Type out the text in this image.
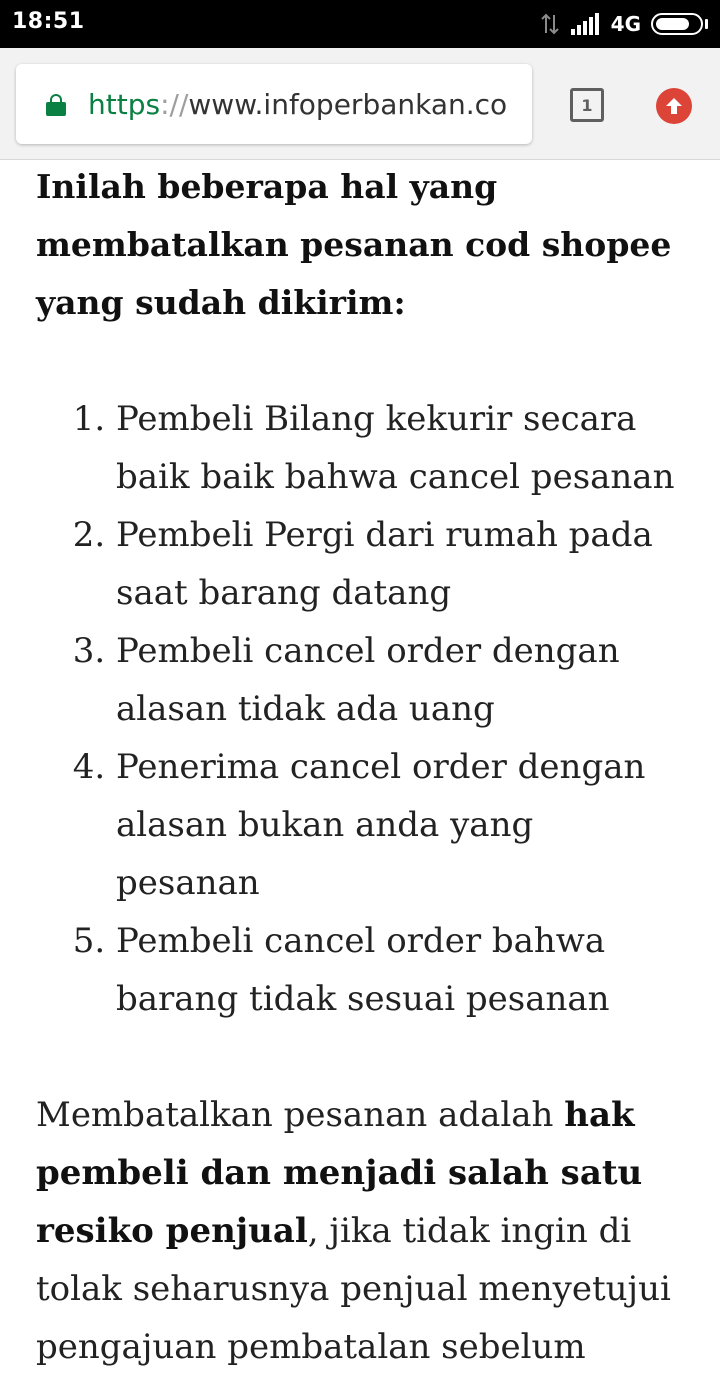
18:51	4G
https :// www.infoperbankan.co	1

Inilah beberapa hal yang membatalkan pesanan cod shopee yang sudah dikirim:

1. Pembeli Bilang kekurir secara baik baik bahwa cancel pesanan
2. Pembeli Pergi dari rumah pada saat barang datang
3. Pembeli cancel order dengan alasan tidak ada uang
4. Penerima cancel order dengan alasan bukan anda yang pesanan
5. Pembeli cancel order bahwa barang tidak sesuai pesanan

Membatalkan pesanan adalah hak pembeli dan menjadi salah satu resiko penjual, jika tidak ingin di tolak seharusnya penjual menyetujui pengajuan pembatalan sebelum
